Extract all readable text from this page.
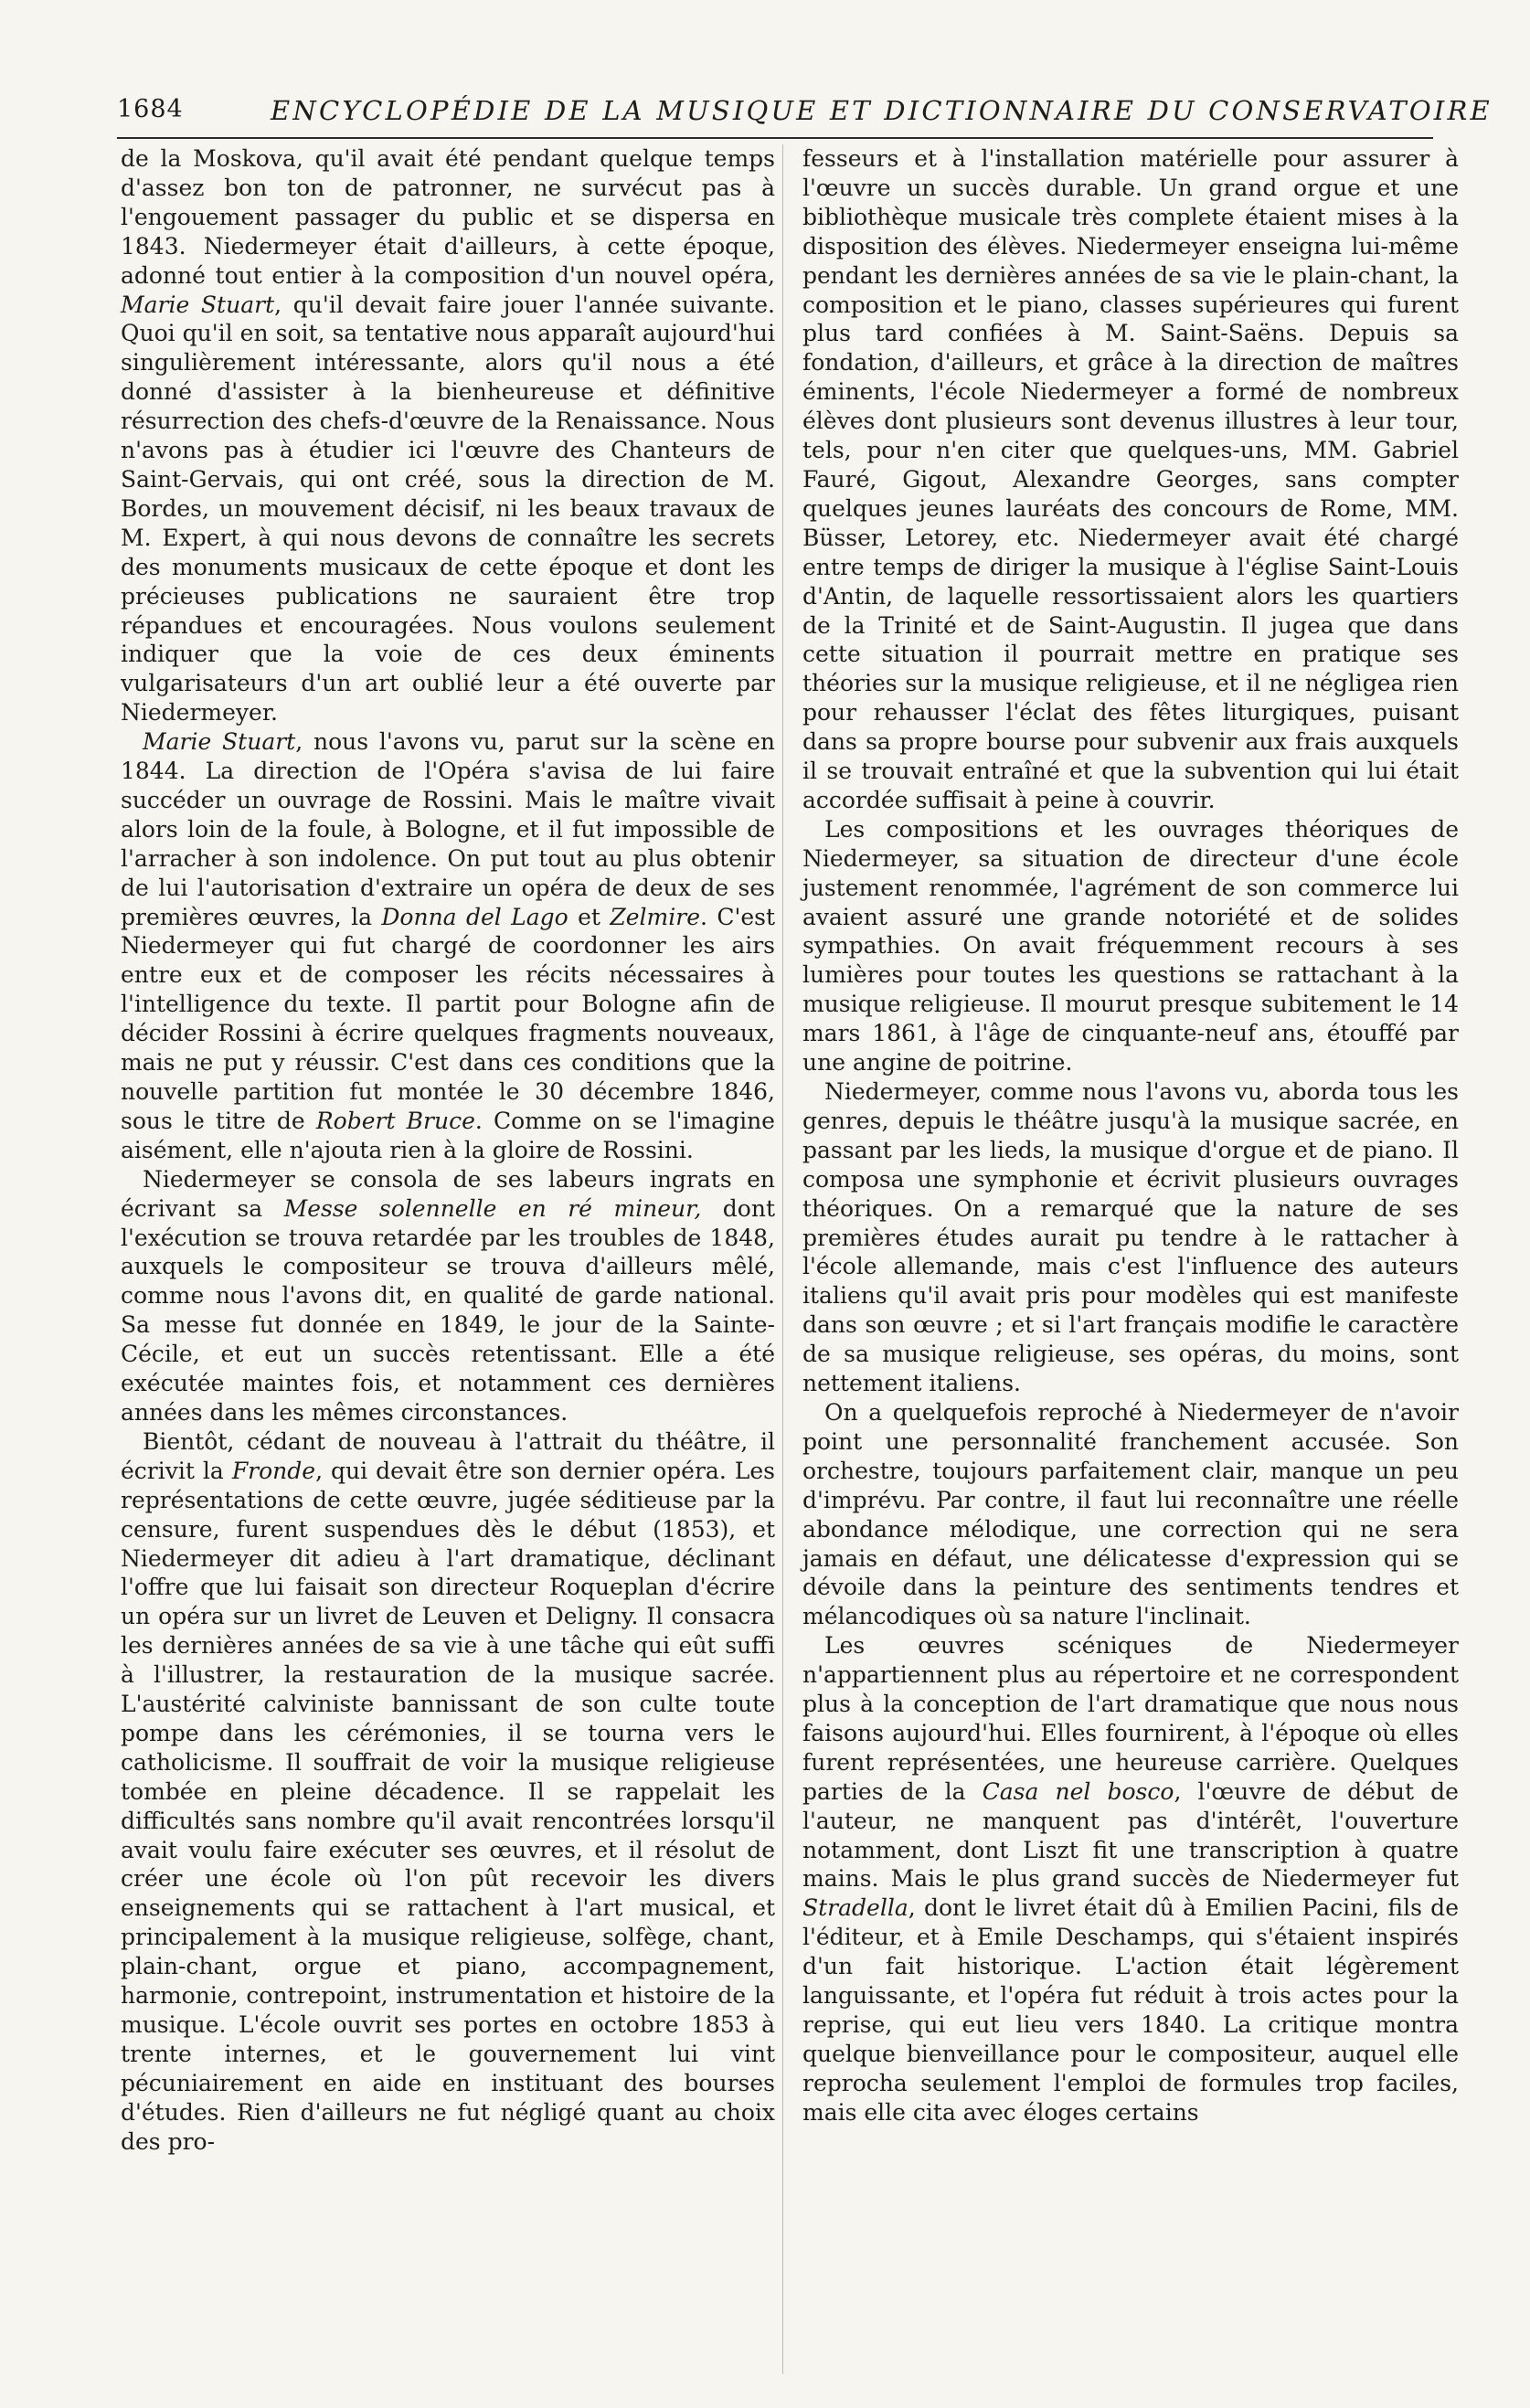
1684	ENCYCLOPÉDIE DE LA MUSIQUE ET DICTIONNAIRE DU CONSERVATOIRE

de la Moskova, qu'il avait été pendant quelque temps d'assez bon ton de patronner, ne survécut pas à l'engouement passager du public et se dispersa en 1843. Niedermeyer était d'ailleurs, à cette époque, adonné tout entier à la composition d'un nouvel opéra, Marie Stuart, qu'il devait faire jouer l'année suivante. Quoi qu'il en soit, sa tentative nous apparaît aujourd'hui singulièrement intéressante, alors qu'il nous a été donné d'assister à la bienheureuse et définitive résurrection des chefs-d'œuvre de la Renaissance. Nous n'avons pas à étudier ici l'œuvre des Chanteurs de Saint-Gervais, qui ont créé, sous la direction de M. Bordes, un mouvement décisif, ni les beaux travaux de M. Expert, à qui nous devons de connaître les secrets des monuments musicaux de cette époque et dont les précieuses publications ne sauraient être trop répandues et encouragées. Nous voulons seulement indiquer que la voie de ces deux éminents vulgarisateurs d'un art oublié leur a été ouverte par Niedermeyer.

Marie Stuart, nous l'avons vu, parut sur la scène en 1844. La direction de l'Opéra s'avisa de lui faire succéder un ouvrage de Rossini. Mais le maître vivait alors loin de la foule, à Bologne, et il fut impossible de l'arracher à son indolence. On put tout au plus obtenir de lui l'autorisation d'extraire un opéra de deux de ses premières œuvres, la Donna del Lago et Zelmire. C'est Niedermeyer qui fut chargé de coordonner les airs entre eux et de composer les récits nécessaires à l'intelligence du texte. Il partit pour Bologne afin de décider Rossini à écrire quelques fragments nouveaux, mais ne put y réussir. C'est dans ces conditions que la nouvelle partition fut montée le 30 décembre 1846, sous le titre de Robert Bruce. Comme on se l'imagine aisément, elle n'ajouta rien à la gloire de Rossini.

Niedermeyer se consola de ses labeurs ingrats en écrivant sa Messe solennelle en ré mineur, dont l'exécution se trouva retardée par les troubles de 1848, auxquels le compositeur se trouva d'ailleurs mêlé, comme nous l'avons dit, en qualité de garde national. Sa messe fut donnée en 1849, le jour de la Sainte-Cécile, et eut un succès retentissant. Elle a été exécutée maintes fois, et notamment ces dernières années dans les mêmes circonstances.

Bientôt, cédant de nouveau à l'attrait du théâtre, il écrivit la Fronde, qui devait être son dernier opéra. Les représentations de cette œuvre, jugée séditieuse par la censure, furent suspendues dès le début (1853), et Niedermeyer dit adieu à l'art dramatique, déclinant l'offre que lui faisait son directeur Roqueplan d'écrire un opéra sur un livret de Leuven et Deligny. Il consacra les dernières années de sa vie à une tâche qui eût suffi à l'illustrer, la restauration de la musique sacrée. L'austérité calviniste bannissant de son culte toute pompe dans les cérémonies, il se tourna vers le catholicisme. Il souffrait de voir la musique religieuse tombée en pleine décadence. Il se rappelait les difficultés sans nombre qu'il avait rencontrées lorsqu'il avait voulu faire exécuter ses œuvres, et il résolut de créer une école où l'on pût recevoir les divers enseignements qui se rattachent à l'art musical, et principalement à la musique religieuse, solfège, chant, plain-chant, orgue et piano, accompagnement, harmonie, contrepoint, instrumentation et histoire de la musique. L'école ouvrit ses portes en octobre 1853 à trente internes, et le gouvernement lui vint pécuniairement en aide en instituant des bourses d'études. Rien d'ailleurs ne fut négligé quant au choix des pro-

fesseurs et à l'installation matérielle pour assurer à l'œuvre un succès durable. Un grand orgue et une bibliothèque musicale très complete étaient mises à la disposition des élèves. Niedermeyer enseigna lui-même pendant les dernières années de sa vie le plain-chant, la composition et le piano, classes supérieures qui furent plus tard confiées à M. Saint-Saëns. Depuis sa fondation, d'ailleurs, et grâce à la direction de maîtres éminents, l'école Niedermeyer a formé de nombreux élèves dont plusieurs sont devenus illustres à leur tour, tels, pour n'en citer que quelques-uns, MM. Gabriel Fauré, Gigout, Alexandre Georges, sans compter quelques jeunes lauréats des concours de Rome, MM. Büsser, Letorey, etc. Niedermeyer avait été chargé entre temps de diriger la musique à l'église Saint-Louis d'Antin, de laquelle ressortissaient alors les quartiers de la Trinité et de Saint-Augustin. Il jugea que dans cette situation il pourrait mettre en pratique ses théories sur la musique religieuse, et il ne négligea rien pour rehausser l'éclat des fêtes liturgiques, puisant dans sa propre bourse pour subvenir aux frais auxquels il se trouvait entraîné et que la subvention qui lui était accordée suffisait à peine à couvrir.

Les compositions et les ouvrages théoriques de Niedermeyer, sa situation de directeur d'une école justement renommée, l'agrément de son commerce lui avaient assuré une grande notoriété et de solides sympathies. On avait fréquemment recours à ses lumières pour toutes les questions se rattachant à la musique religieuse. Il mourut presque subitement le 14 mars 1861, à l'âge de cinquante-neuf ans, étouffé par une angine de poitrine.

Niedermeyer, comme nous l'avons vu, aborda tous les genres, depuis le théâtre jusqu'à la musique sacrée, en passant par les lieds, la musique d'orgue et de piano. Il composa une symphonie et écrivit plusieurs ouvrages théoriques. On a remarqué que la nature de ses premières études aurait pu tendre à le rattacher à l'école allemande, mais c'est l'influence des auteurs italiens qu'il avait pris pour modèles qui est manifeste dans son œuvre ; et si l'art français modifie le caractère de sa musique religieuse, ses opéras, du moins, sont nettement italiens.

On a quelquefois reproché à Niedermeyer de n'avoir point une personnalité franchement accusée. Son orchestre, toujours parfaitement clair, manque un peu d'imprévu. Par contre, il faut lui reconnaître une réelle abondance mélodique, une correction qui ne sera jamais en défaut, une délicatesse d'expression qui se dévoile dans la peinture des sentiments tendres et mélancodiques où sa nature l'inclinait.

Les œuvres scéniques de Niedermeyer n'appartiennent plus au répertoire et ne correspondent plus à la conception de l'art dramatique que nous nous faisons aujourd'hui. Elles fournirent, à l'époque où elles furent représentées, une heureuse carrière. Quelques parties de la Casa nel bosco, l'œuvre de début de l'auteur, ne manquent pas d'intérêt, l'ouverture notamment, dont Liszt fit une transcription à quatre mains. Mais le plus grand succès de Niedermeyer fut Stradella, dont le livret était dû à Emilien Pacini, fils de l'éditeur, et à Emile Deschamps, qui s'étaient inspirés d'un fait historique. L'action était légèrement languissante, et l'opéra fut réduit à trois actes pour la reprise, qui eut lieu vers 1840. La critique montra quelque bienveillance pour le compositeur, auquel elle reprocha seulement l'emploi de formules trop faciles, mais elle cita avec éloges certains
